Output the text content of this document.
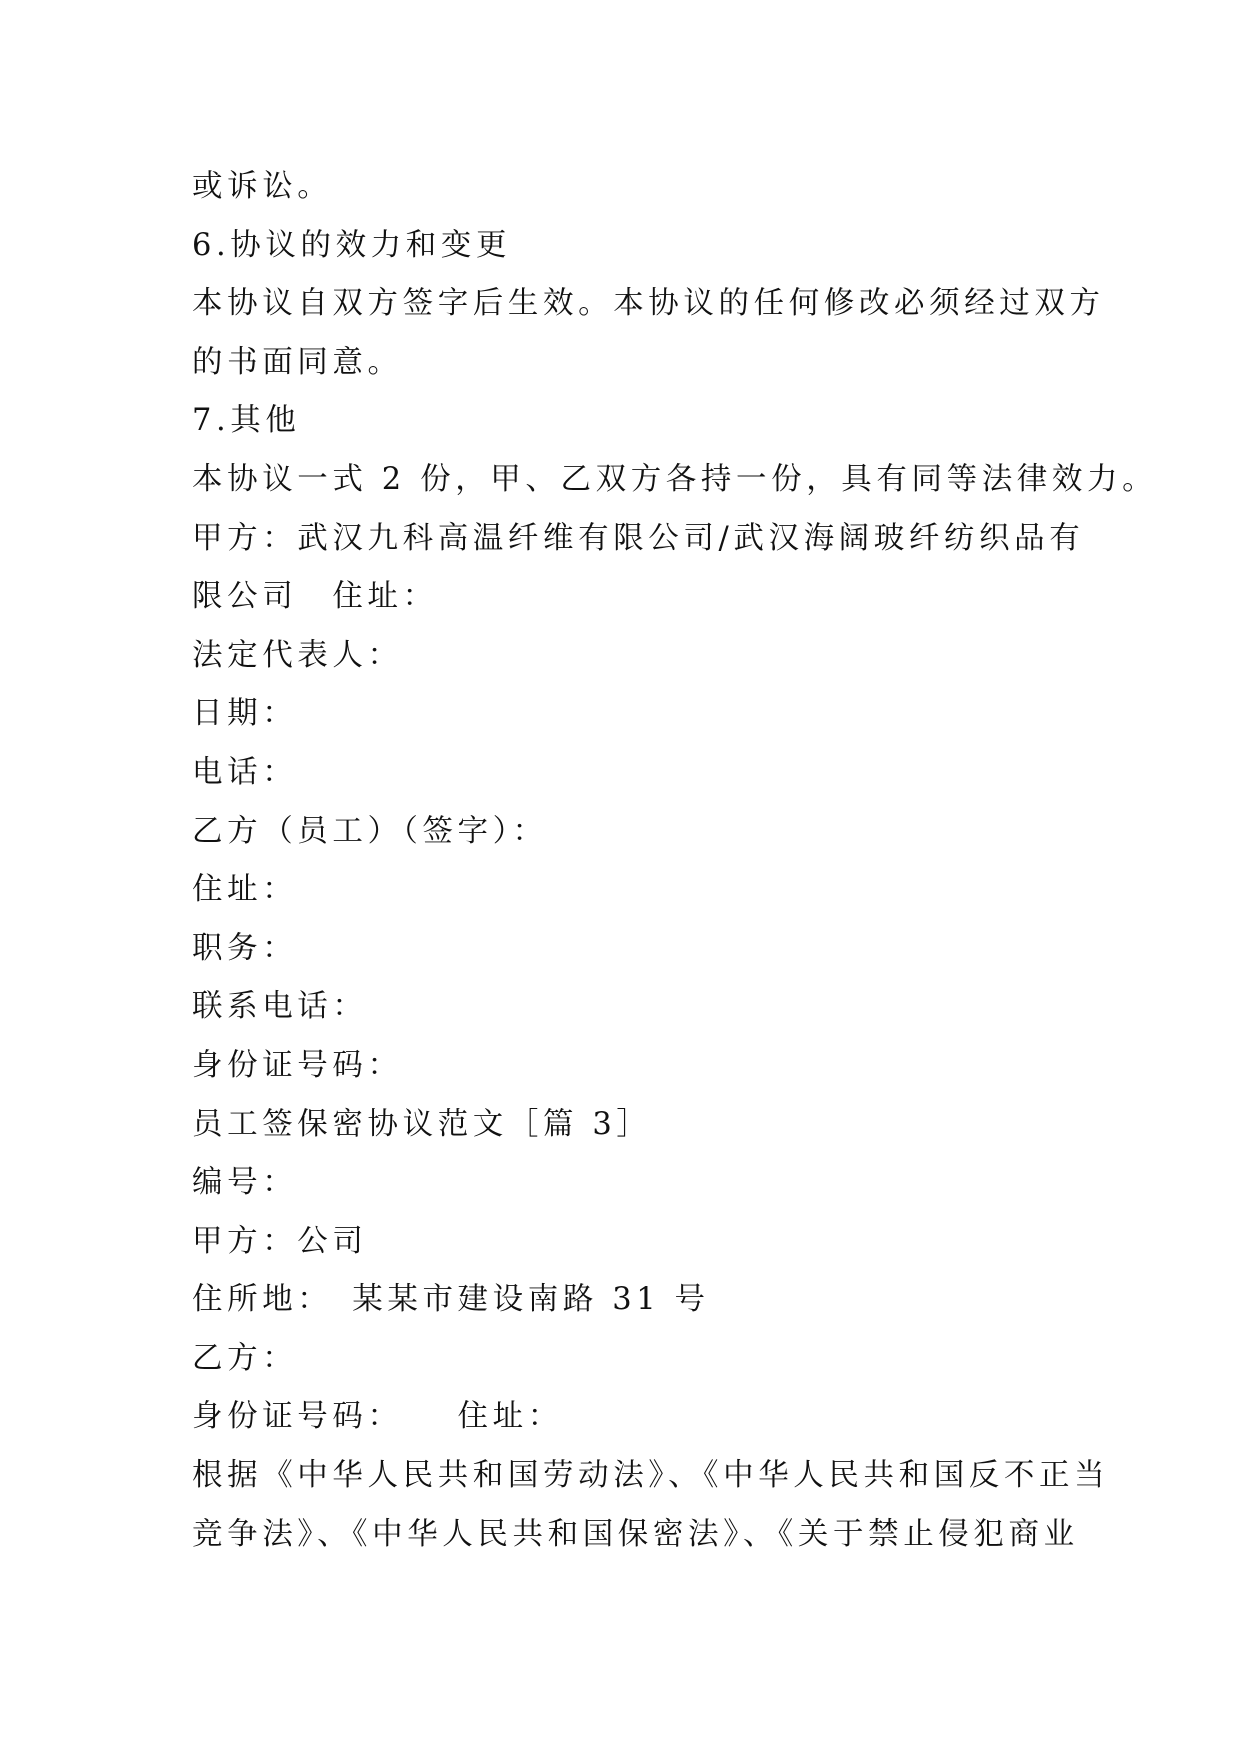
或诉讼。
6.协议的效力和变更
本协议自双方签字后生效。本协议的任何修改必须经过双方
的书面同意。
7.其他
本协议一式 2 份，甲、乙双方各持一份，具有同等法律效力。
甲方：武汉九科高温纤维有限公司/武汉海阔玻纤纺织品有
限公司　住址：
法定代表人：
日期：
电话：
乙方（员工）（签字）：
住址：
职务：
联系电话：
身份证号码：
员工签保密协议范文［篇 3］
编号：
甲方：公司
住所地：　某某市建设南路 31 号
乙方：
身份证号码：　　住址：
根据《中华人民共和国劳动法》、《中华人民共和国反不正当
竞争法》、《中华人民共和国保密法》、《关于禁止侵犯商业
